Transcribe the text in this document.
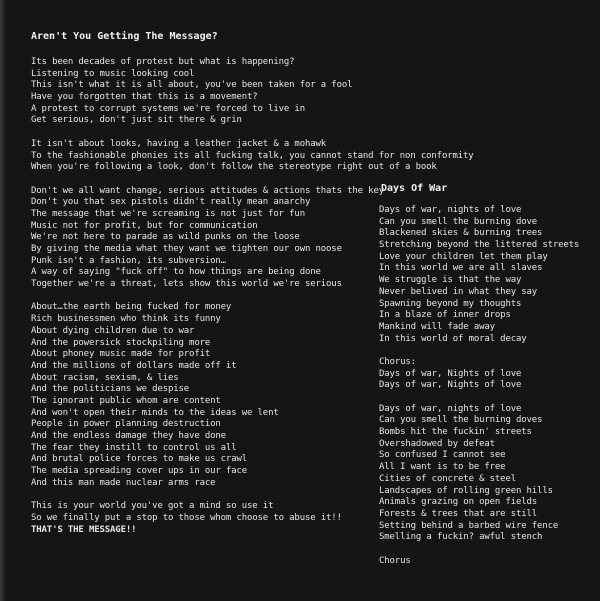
Aren't You Getting The Message?
Its been decades of protest but what is happening?
Listening to music looking cool
This isn't what it is all about, you've been taken for a fool
Have you forgotten that this is a movement?
A protest to corrupt systems we're forced to live in
Get serious, don't just sit there & grin
It isn't about looks, having a leather jacket & a mohawk
To the fashionable phonies its all fucking talk, you cannot stand for non conformity
When you're following a look, don't follow the stereotype right out of a book
Don't we all want change, serious attitudes & actions thats the key
Don't you that sex pistols didn't really mean anarchy
The message that we're screaming is not just for fun
Music not for profit, but for communication
We're not here to parade as wild punks on the loose
By giving the media what they want we tighten our own noose
Punk isn't a fashion, its subversion…
A way of saying "fuck off" to how things are being done
Together we're a threat, lets show this world we're serious
About…the earth being fucked for money
Rich businessmen who think its funny
About dying children due to war
And the powersick stockpiling more
About phoney music made for profit
And the millions of dollars made off it
About racism, sexism, & lies
And the politicians we despise
The ignorant public whom are content
And won't open their minds to the ideas we lent
People in power planning destruction
And the endless damage they have done
The fear they instill to control us all
And brutal police forces to make us crawl
The media spreading cover ups in our face
And this man made nuclear arms race
This is your world you've got a mind so use it
So we finally put a stop to those whom choose to abuse it!!
THAT'S THE MESSAGE!!
Days Of War
Days of war, nights of love
Can you smell the burning dove
Blackened skies & burning trees
Stretching beyond the littered streets
Love your children let them play
In this world we are all slaves
We struggle is that the way
Never belived in what they say
Spawning beyond my thoughts
In a blaze of inner drops
Mankind will fade away
In this world of moral decay
Chorus:
Days of war, Nights of love
Days of war, Nights of love
Days of war, nights of love
Can you smell the burning doves
Bombs hit the fuckin' streets
Overshadowed by defeat
So confused I cannot see
All I want is to be free
Cities of concrete & steel
Landscapes of rolling green hills
Animals grazing on open fields
Forests & trees that are still
Setting behind a barbed wire fence
Smelling a fuckin? awful stench
Chorus
